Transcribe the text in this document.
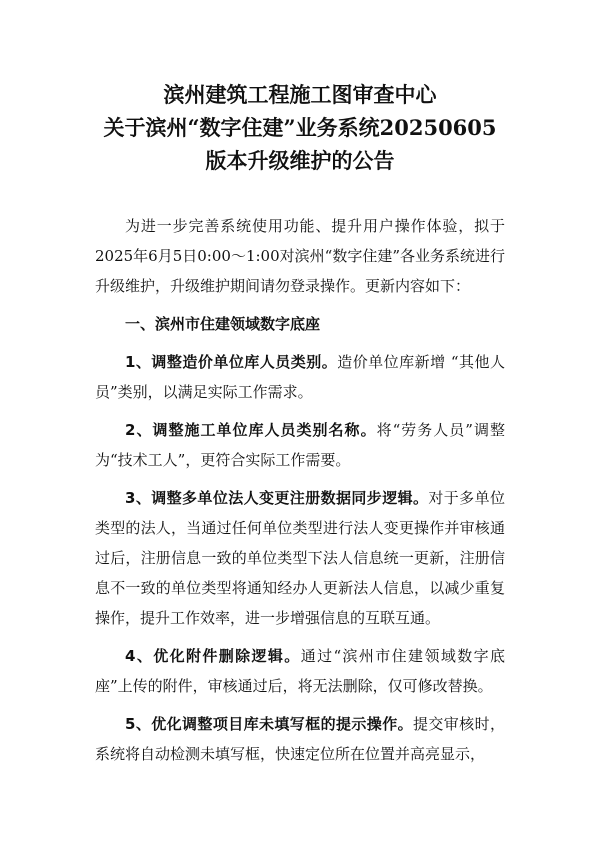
滨州建筑工程施工图审查中心
关于滨州“数字住建”业务系统20250605
版本升级维护的公告

为进一步完善系统使用功能、提升用户操作体验，拟于2025年6月5日0:00～1:00对滨州“数字住建”各业务系统进行升级维护，升级维护期间请勿登录操作。更新内容如下：

一、滨州市住建领域数字底座

1、调整造价单位库人员类别。造价单位库新增 “其他人员”类别，以满足实际工作需求。

2、调整施工单位库人员类别名称。将“劳务人员”调整为“技术工人”，更符合实际工作需要。

3、调整多单位法人变更注册数据同步逻辑。对于多单位类型的法人，当通过任何单位类型进行法人变更操作并审核通过后，注册信息一致的单位类型下法人信息统一更新，注册信息不一致的单位类型将通知经办人更新法人信息，以减少重复操作，提升工作效率，进一步增强信息的互联互通。

4、优化附件删除逻辑。通过“滨州市住建领域数字底座”上传的附件，审核通过后，将无法删除，仅可修改替换。

5、优化调整项目库未填写框的提示操作。提交审核时，系统将自动检测未填写框，快速定位所在位置并高亮显示，
